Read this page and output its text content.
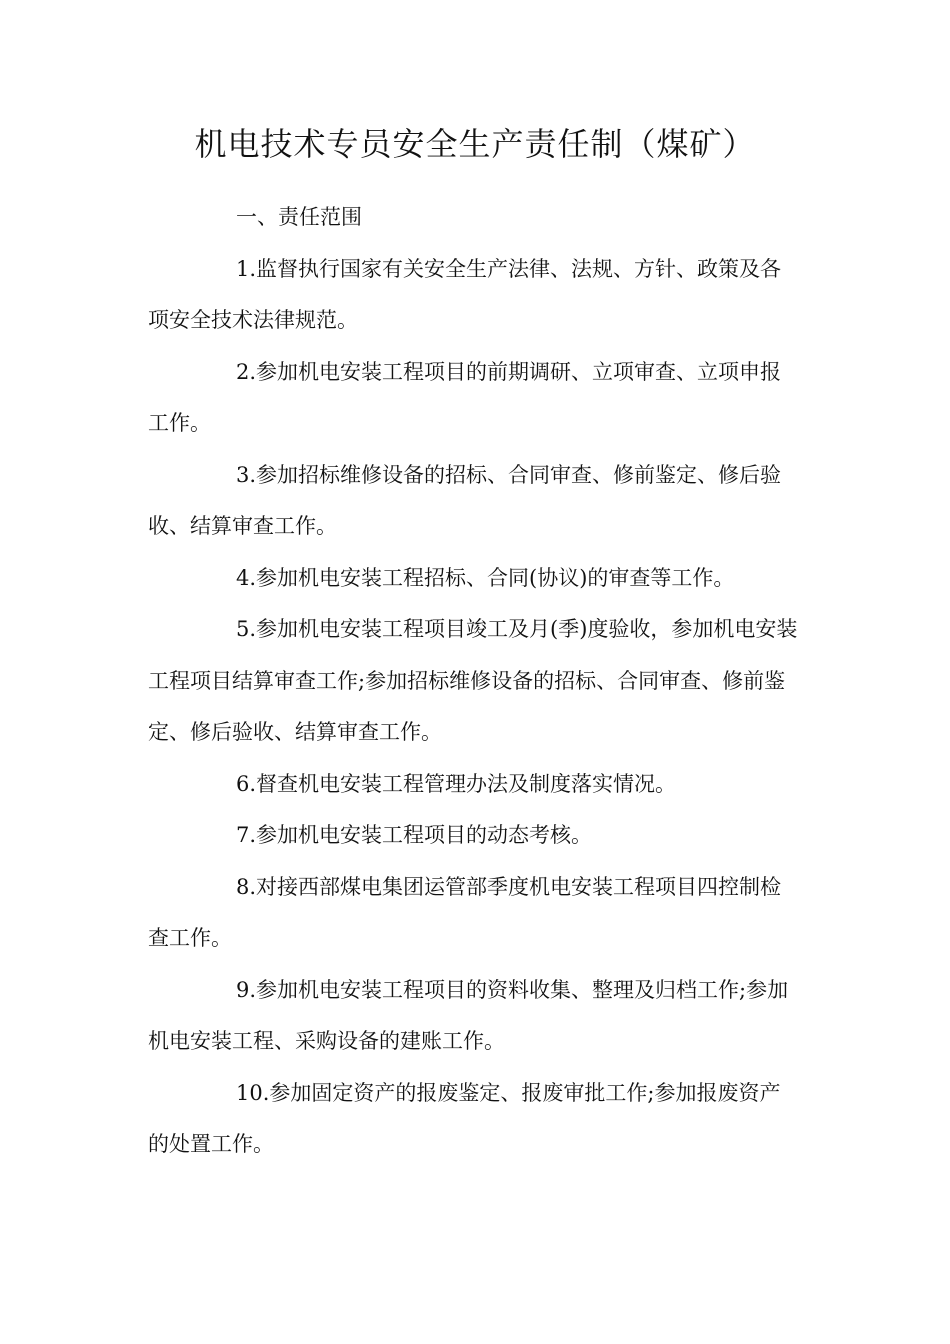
机电技术专员安全生产责任制（煤矿）

一、责任范围

1.监督执行国家有关安全生产法律、法规、方针、政策及各项安全技术法律规范。

2.参加机电安装工程项目的前期调研、立项审查、立项申报工作。

3.参加招标维修设备的招标、合同审查、修前鉴定、修后验收、结算审查工作。

4.参加机电安装工程招标、合同(协议)的审查等工作。

5.参加机电安装工程项目竣工及月(季)度验收，参加机电安装工程项目结算审查工作;参加招标维修设备的招标、合同审查、修前鉴定、修后验收、结算审查工作。

6.督查机电安装工程管理办法及制度落实情况。

7.参加机电安装工程项目的动态考核。

8.对接西部煤电集团运管部季度机电安装工程项目四控制检查工作。

9.参加机电安装工程项目的资料收集、整理及归档工作;参加机电安装工程、采购设备的建账工作。

10.参加固定资产的报废鉴定、报废审批工作;参加报废资产的处置工作。
